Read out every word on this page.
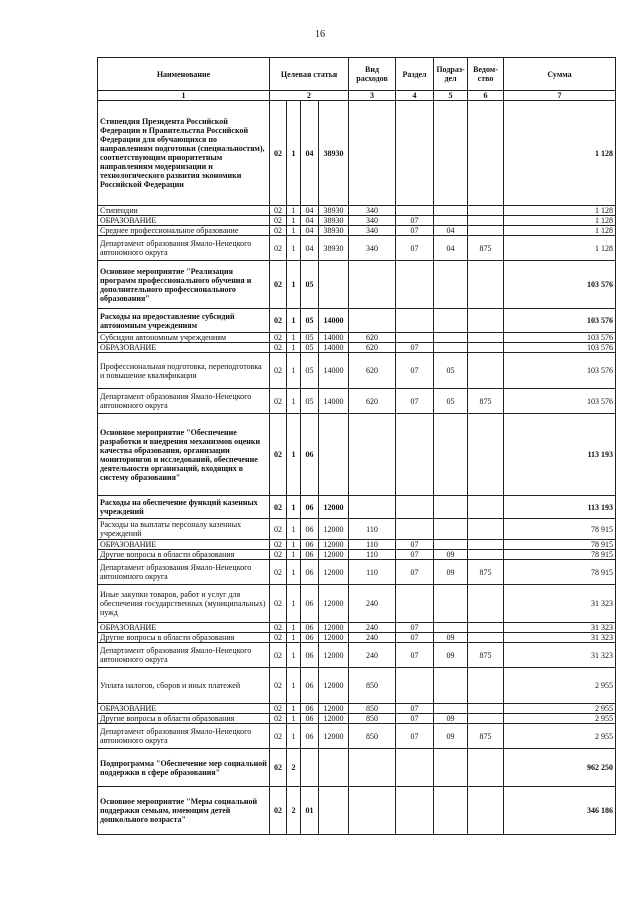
16
Наименование	Целевая статья				Вид расходов	Раздел	Подраз-дел	Ведом-ство	Сумма
1	2				3	4	5	6	7
Стипендия Президента Российской Федерации и Правительства Российской Федерации для обучающихся по направлениям подготовки (специальностям), соответствующим приоритетным направлениям модернизации и технологического развития экономики Российской Федерации	02	1	04	38930					1 128
Стипендии	02	1	04	38930	340				1 128
ОБРАЗОВАНИЕ	02	1	04	38930	340	07			1 128
Среднее профессиональное образование	02	1	04	38930	340	07	04		1 128
Департамент образования Ямало-Ненецкого автономного округа	02	1	04	38930	340	07	04	875	1 128
Основное мероприятие "Реализация программ профессионального обучения и дополнительного профессионального образования"	02	1	05						103 576
Расходы на предоставление субсидий автономным учреждениям	02	1	05	14000					103 576
Субсидии автономным учреждениям	02	1	05	14000	620				103 576
ОБРАЗОВАНИЕ	02	1	05	14000	620	07			103 576
Профессиональная подготовка, переподготовка и повышение квалификации	02	1	05	14000	620	07	05		103 576
Департамент образования Ямало-Ненецкого автономного округа	02	1	05	14000	620	07	05	875	103 576
Основное мероприятие "Обеспечение разработки и внедрения механизмов оценки качества образования, организации мониторингов и исследований, обеспечение деятельности организаций, входящих в систему образования"	02	1	06						113 193
Расходы на обеспечение функций казенных учреждений	02	1	06	12000					113 193
Расходы на выплаты персоналу казенных учреждений	02	1	06	12000	110				78 915
ОБРАЗОВАНИЕ	02	1	06	12000	110	07			78 915
Другие вопросы в области образования	02	1	06	12000	110	07	09		78 915
Департамент образования Ямало-Ненецкого автономного округа	02	1	06	12000	110	07	09	875	78 915
Иные закупки товаров, работ и услуг для обеспечения государственных (муниципальных) нужд	02	1	06	12000	240				31 323
ОБРАЗОВАНИЕ	02	1	06	12000	240	07			31 323
Другие вопросы в области образования	02	1	06	12000	240	07	09		31 323
Департамент образования Ямало-Ненецкого автономного округа	02	1	06	12000	240	07	09	875	31 323
Уплата налогов, сборов и иных платежей	02	1	06	12000	850				2 955
ОБРАЗОВАНИЕ	02	1	06	12000	850	07			2 955
Другие вопросы в области образования	02	1	06	12000	850	07	09		2 955
Департамент образования Ямало-Ненецкого автономного округа	02	1	06	12000	850	07	09	875	2 955
Подпрограмма "Обеспечение мер социальной поддержки в сфере образования"	02	2							962 250
Основное мероприятие "Меры социальной поддержки семьям, имеющим детей дошкольного возраста"	02	2	01						346 186
